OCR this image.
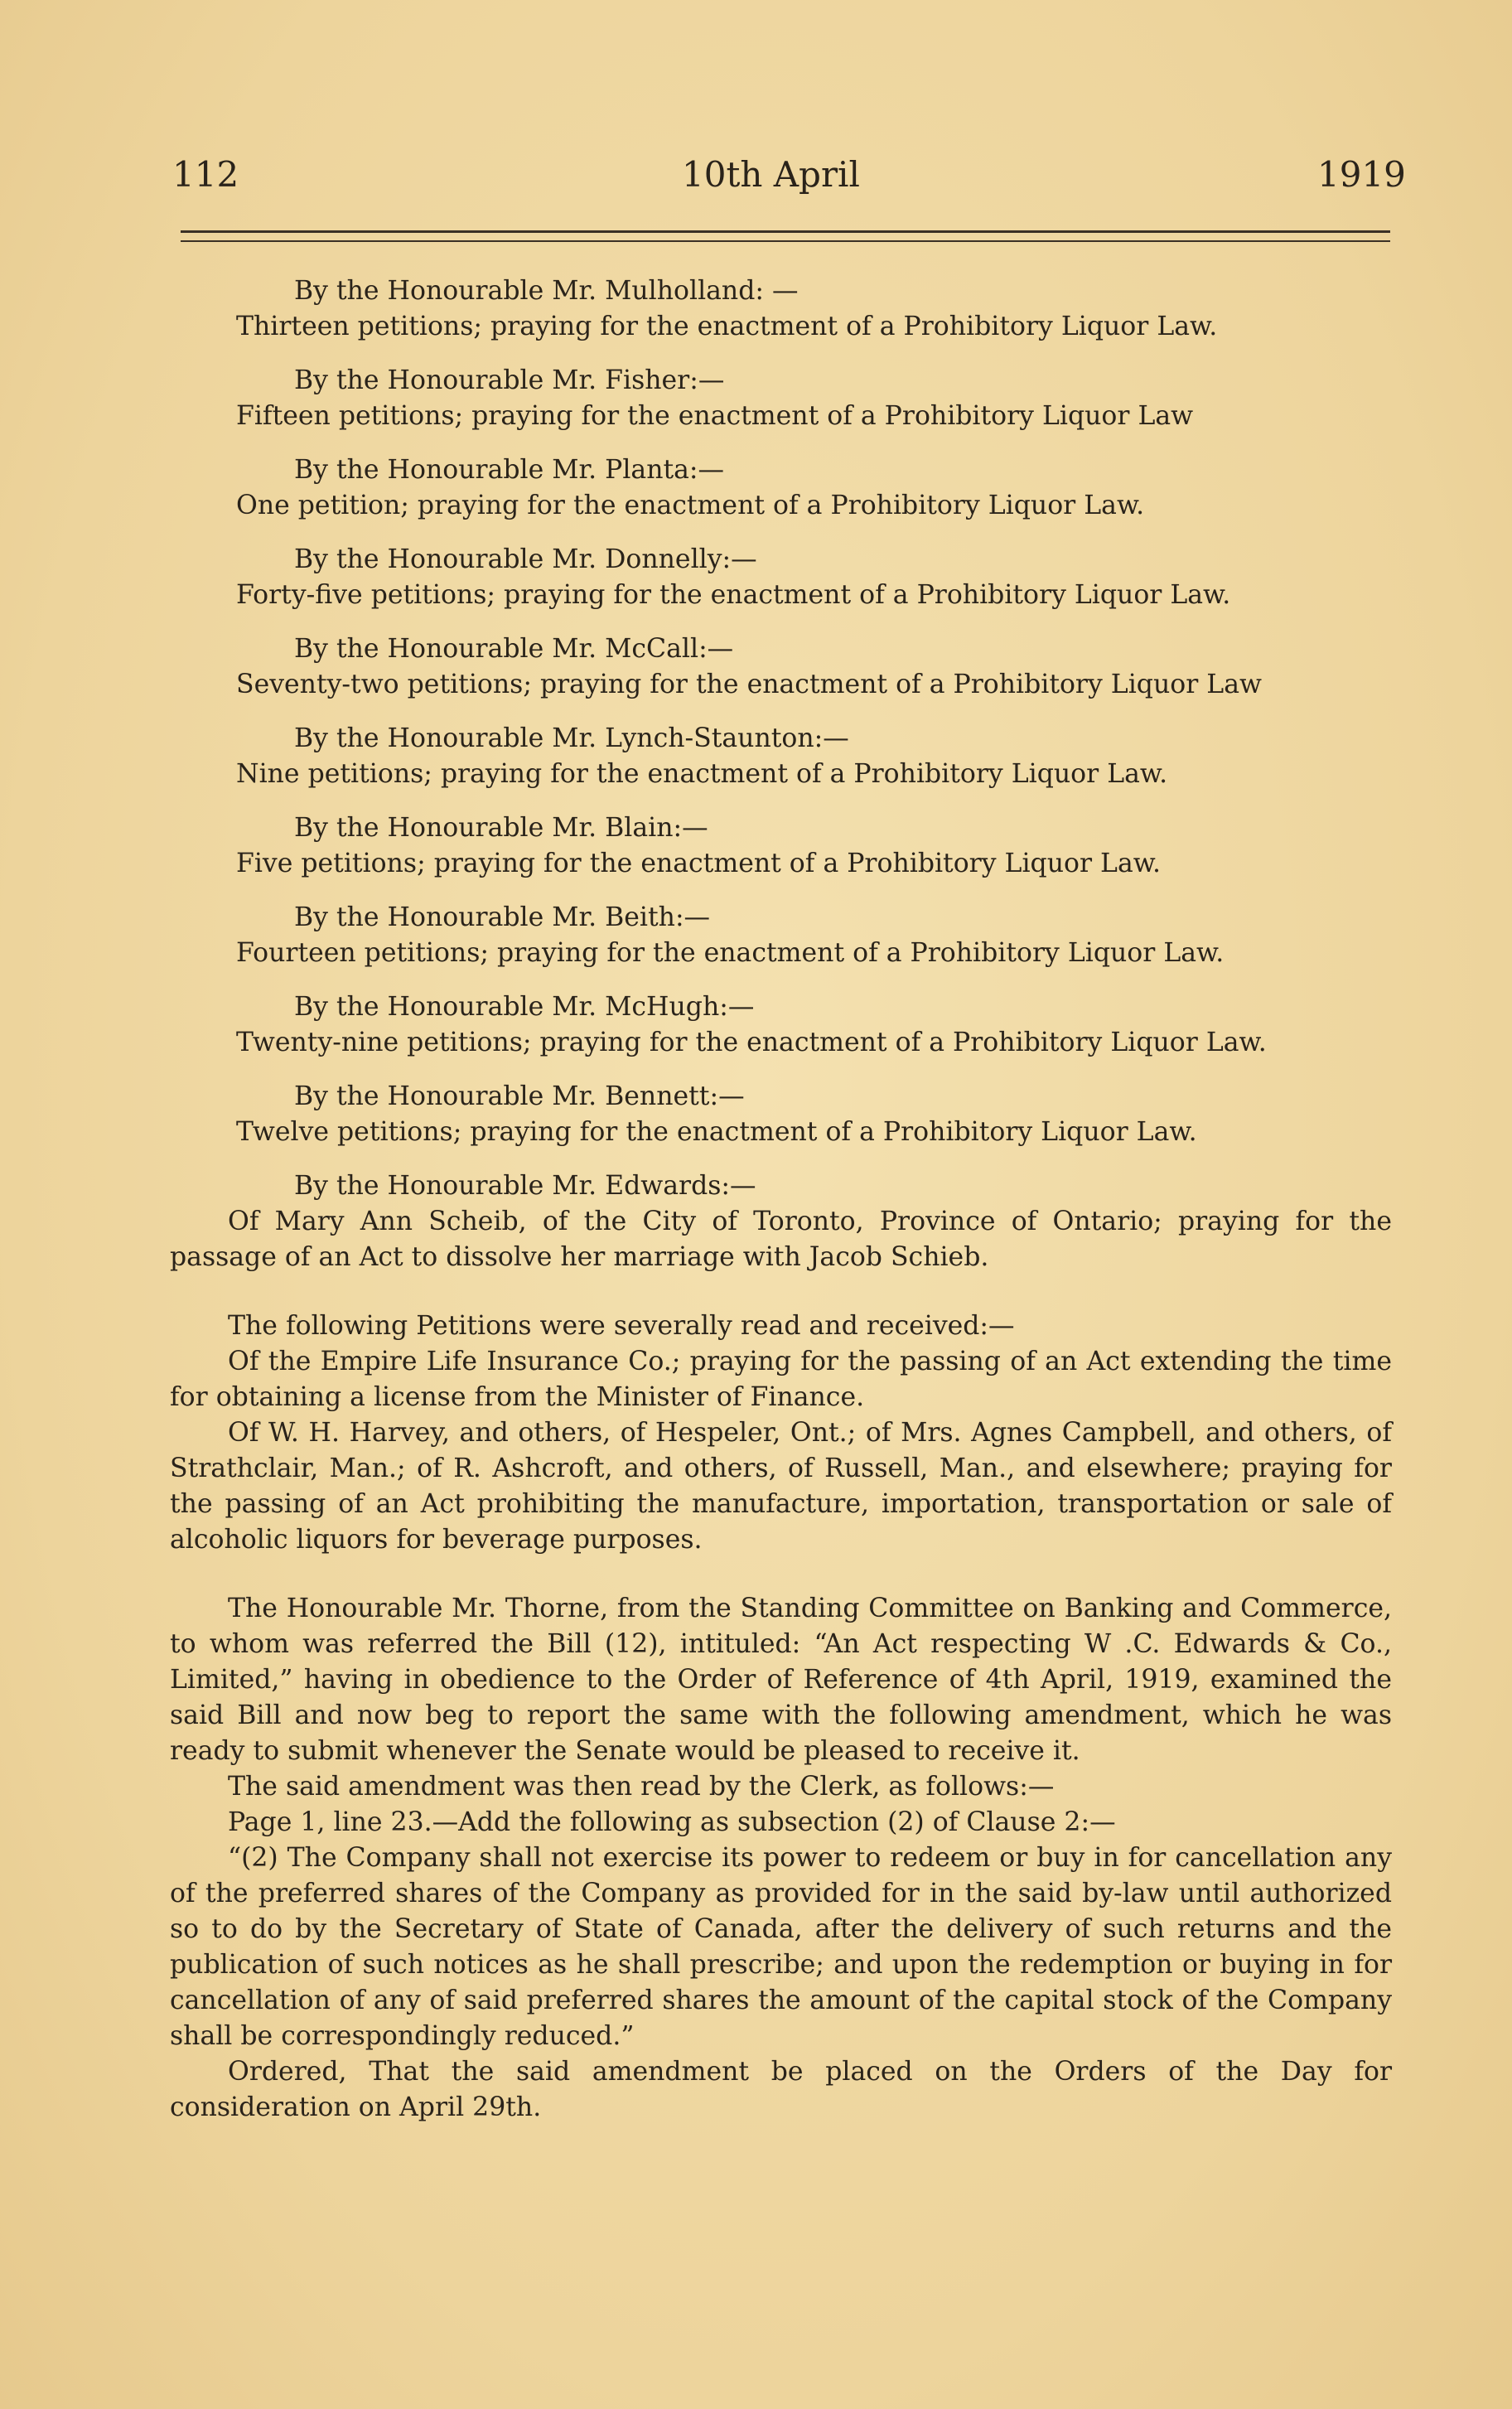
112	10th April	1919

By the Honourable Mr. Mulholland: —

Thirteen petitions; praying for the enactment of a Prohibitory Liquor Law.

By the Honourable Mr. Fisher:—

Fifteen petitions; praying for the enactment of a Prohibitory Liquor Law

By the Honourable Mr. Planta:—

One petition; praying for the enactment of a Prohibitory Liquor Law.

By the Honourable Mr. Donnelly:—

Forty-five petitions; praying for the enactment of a Prohibitory Liquor Law.

By the Honourable Mr. McCall:—

Seventy-two petitions; praying for the enactment of a Prohibitory Liquor Law

By the Honourable Mr. Lynch-Staunton:—

Nine petitions; praying for the enactment of a Prohibitory Liquor Law.

By the Honourable Mr. Blain:—

Five petitions; praying for the enactment of a Prohibitory Liquor Law.

By the Honourable Mr. Beith:—

Fourteen petitions; praying for the enactment of a Prohibitory Liquor Law.

By the Honourable Mr. McHugh:—

Twenty-nine petitions; praying for the enactment of a Prohibitory Liquor Law.

By the Honourable Mr. Bennett:—

Twelve petitions; praying for the enactment of a Prohibitory Liquor Law.

By the Honourable Mr. Edwards:—

Of Mary Ann Scheib, of the City of Toronto, Province of Ontario; praying for the passage of an Act to dissolve her marriage with Jacob Schieb.

The following Petitions were severally read and received:—

Of the Empire Life Insurance Co.; praying for the passing of an Act extending the time for obtaining a license from the Minister of Finance.

Of W. H. Harvey, and others, of Hespeler, Ont.; of Mrs. Agnes Campbell, and others, of Strathclair, Man.; of R. Ashcroft, and others, of Russell, Man., and elsewhere; praying for the passing of an Act prohibiting the manufacture, importation, transportation or sale of alcoholic liquors for beverage purposes.

The Honourable Mr. Thorne, from the Standing Committee on Banking and Commerce, to whom was referred the Bill (12), intituled: “An Act respecting W .C. Edwards & Co., Limited,” having in obedience to the Order of Reference of 4th April, 1919, examined the said Bill and now beg to report the same with the following amendment, which he was ready to submit whenever the Senate would be pleased to receive it.

The said amendment was then read by the Clerk, as follows:—

Page 1, line 23.—Add the following as subsection (2) of Clause 2:—

“(2) The Company shall not exercise its power to redeem or buy in for cancellation any of the preferred shares of the Company as provided for in the said by-law until authorized so to do by the Secretary of State of Canada, after the delivery of such returns and the publication of such notices as he shall prescribe; and upon the redemption or buying in for cancellation of any of said preferred shares the amount of the capital stock of the Company shall be correspondingly reduced.”

Ordered, That the said amendment be placed on the Orders of the Day for consideration on April 29th.
